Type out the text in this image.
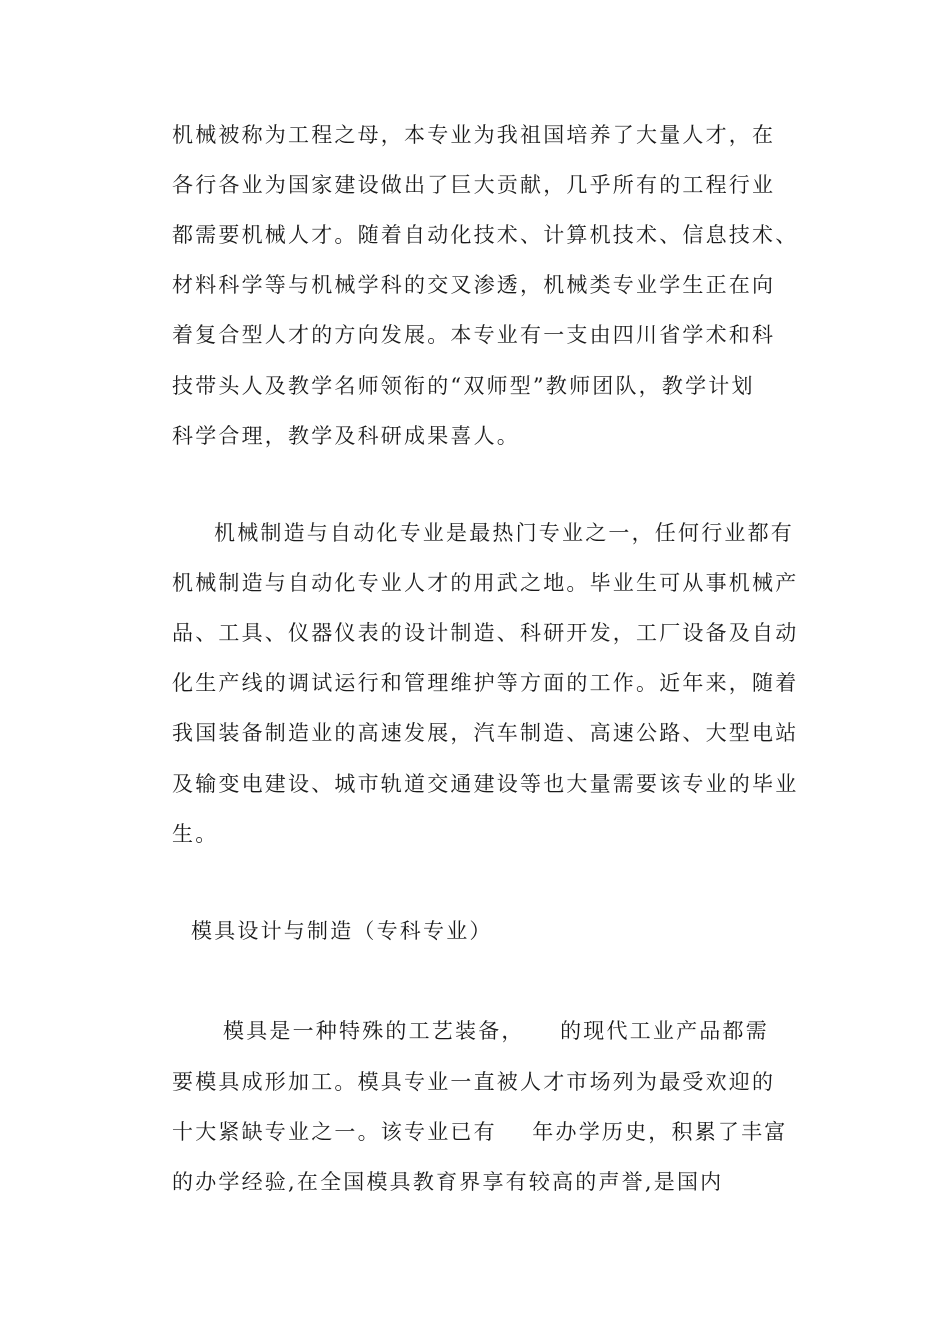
机械被称为工程之母，本专业为我祖国培养了大量人才，在
各行各业为国家建设做出了巨大贡献，几乎所有的工程行业
都需要机械人才。随着自动化技术、计算机技术、信息技术、
材料科学等与机械学科的交叉渗透，机械类专业学生正在向
着复合型人才的方向发展。本专业有一支由四川省学术和科
技带头人及教学名师领衔的“双师型”教师团队，教学计划
科学合理，教学及科研成果喜人。
机械制造与自动化专业是最热门专业之一，任何行业都有
机械制造与自动化专业人才的用武之地。毕业生可从事机械产
品、工具、仪器仪表的设计制造、科研开发，工厂设备及自动
化生产线的调试运行和管理维护等方面的工作。近年来，随着
我国装备制造业的高速发展，汽车制造、高速公路、大型电站
及输变电建设、城市轨道交通建设等也大量需要该专业的毕业
生。
模具设计与制造（专科专业）
模具是一种特殊的工艺装备，    的现代工业产品都需
要模具成形加工。模具专业一直被人才市场列为最受欢迎的
十大紧缺专业之一。该专业已有    年办学历史，积累了丰富
的办学经验,在全国模具教育界享有较高的声誉,是国内
